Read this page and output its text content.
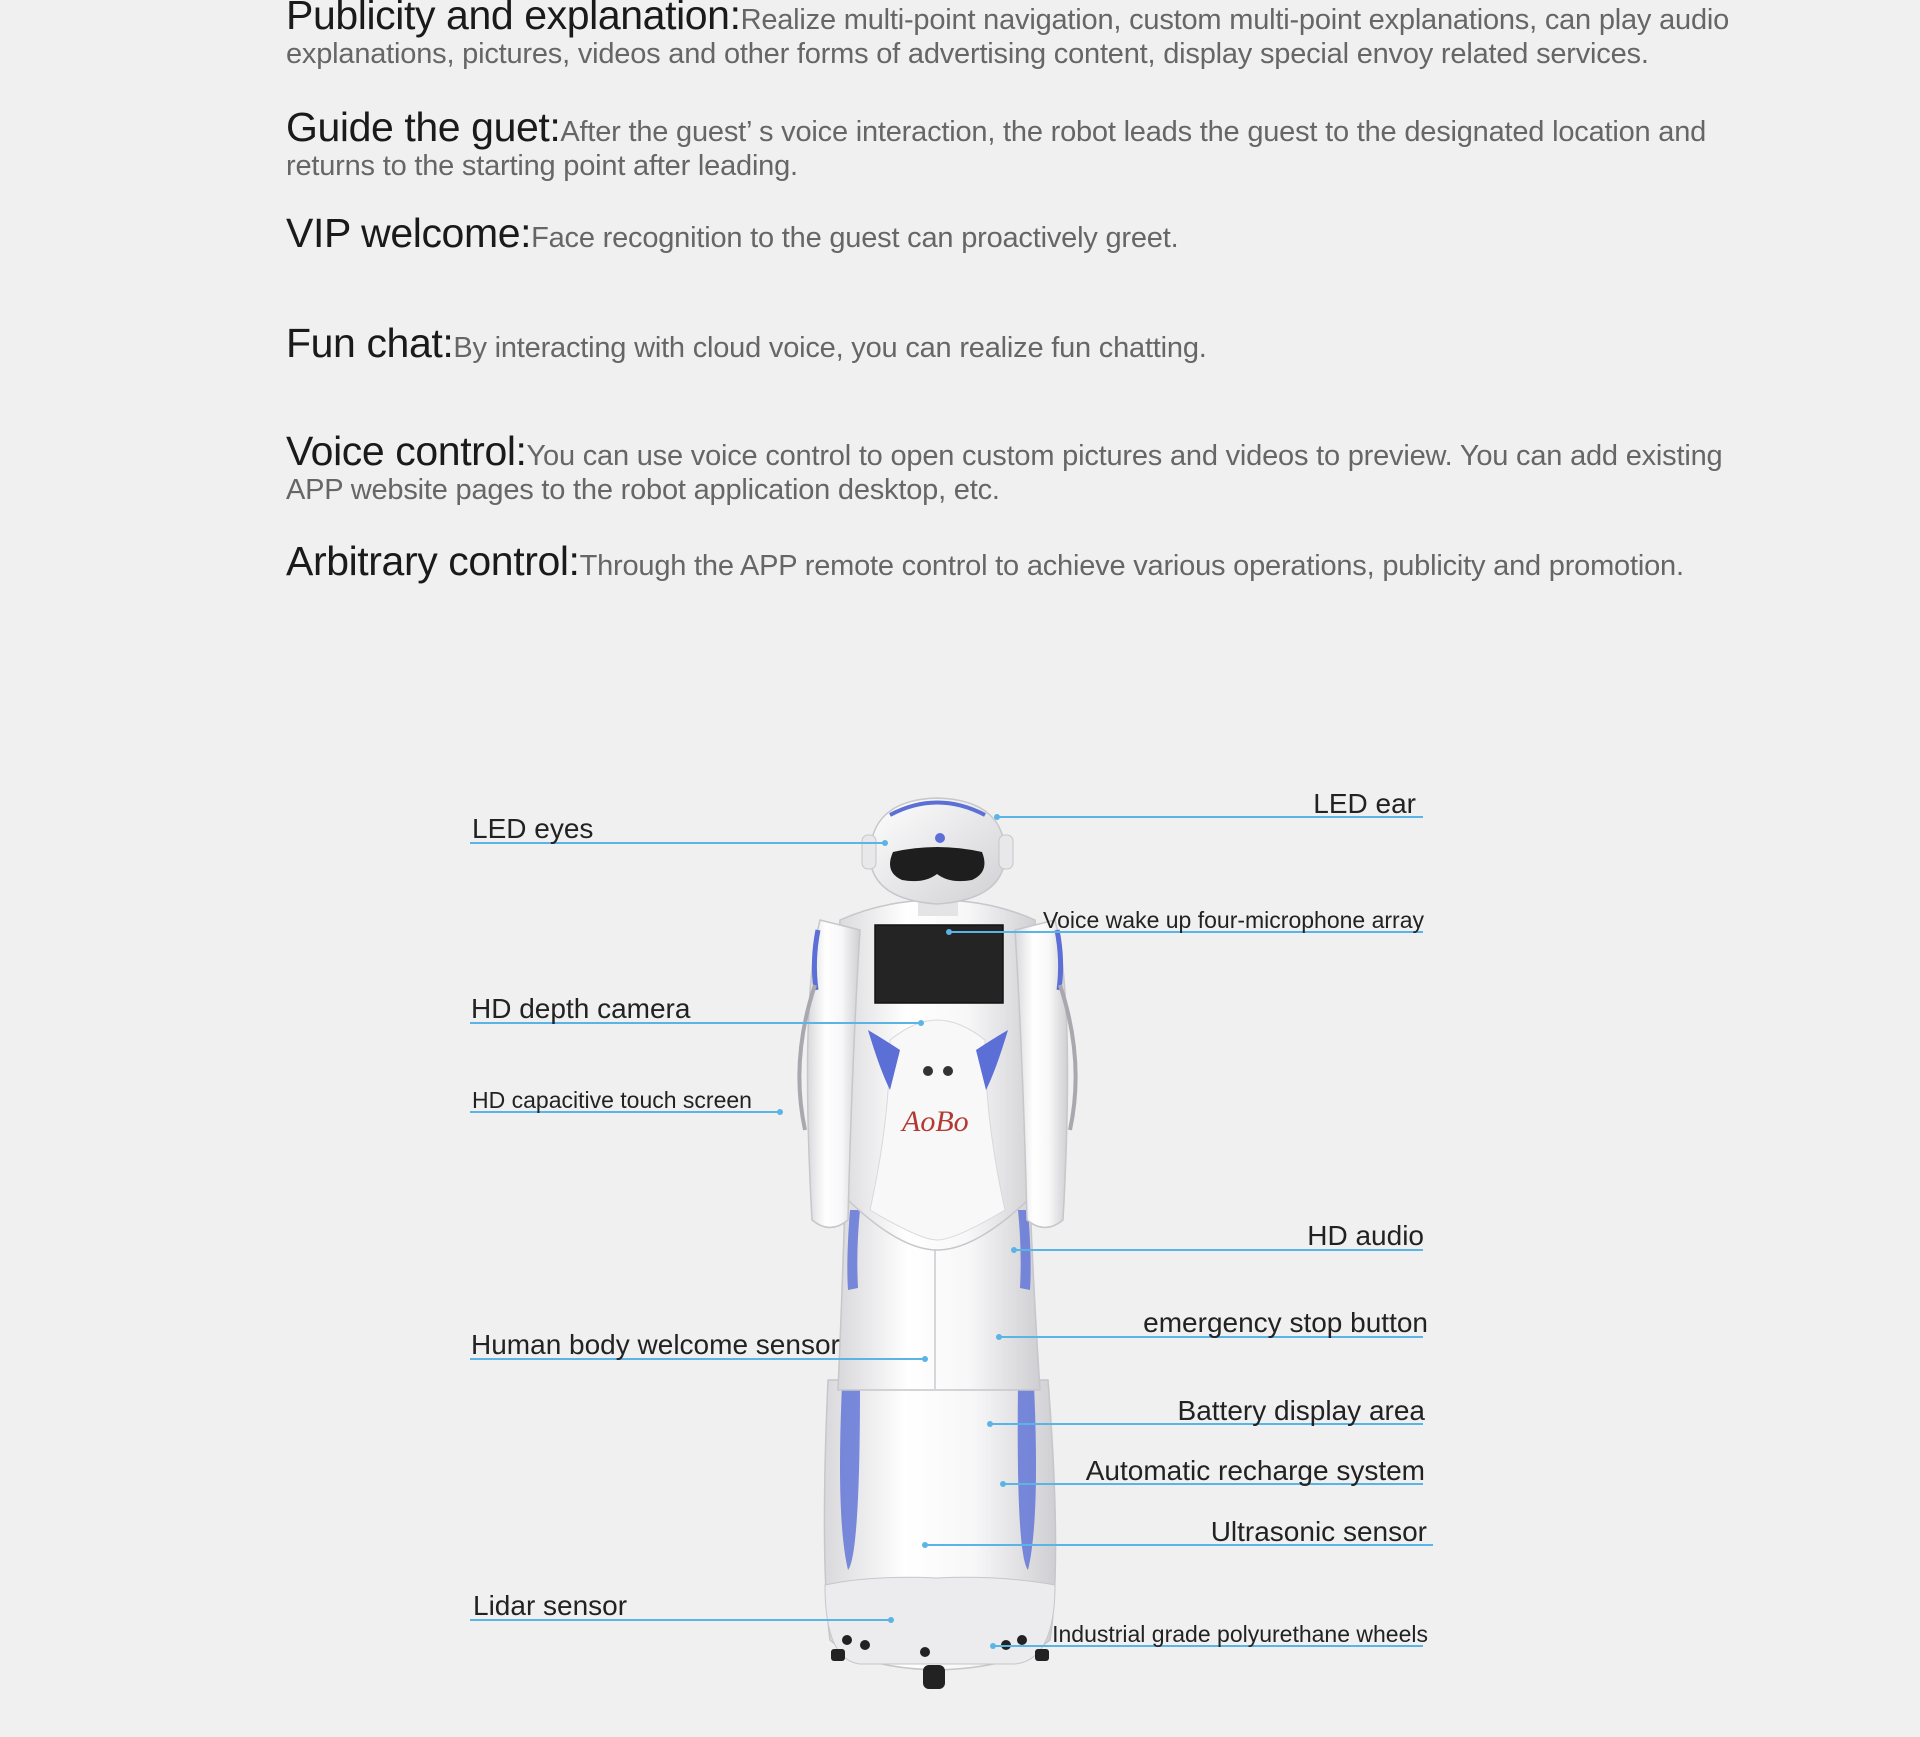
Publicity and explanation:Realize multi-point navigation, custom multi-point explanations, can play audio explanations, pictures, videos and other forms of advertising content, display special envoy related services.
Guide the guet:After the guest’ s voice interaction, the robot leads the guest to the designated location and returns to the starting point after leading.
VIP welcome:Face recognition to the guest can proactively greet.
Fun chat:By interacting with cloud voice, you can realize fun chatting.
Voice control:You can use voice control to open custom pictures and videos to preview. You can add existing APP website pages to the robot application desktop, etc.
Arbitrary control:Through the APP remote control to achieve various operations, publicity and promotion.
AoBo
LED eyes
LED ear
Voice wake up four-microphone array
HD depth camera
HD capacitive touch screen
HD audio
emergency stop button
Human body welcome sensor
Battery display area
Automatic recharge system
Ultrasonic sensor
Lidar sensor
Industrial grade polyurethane wheels
